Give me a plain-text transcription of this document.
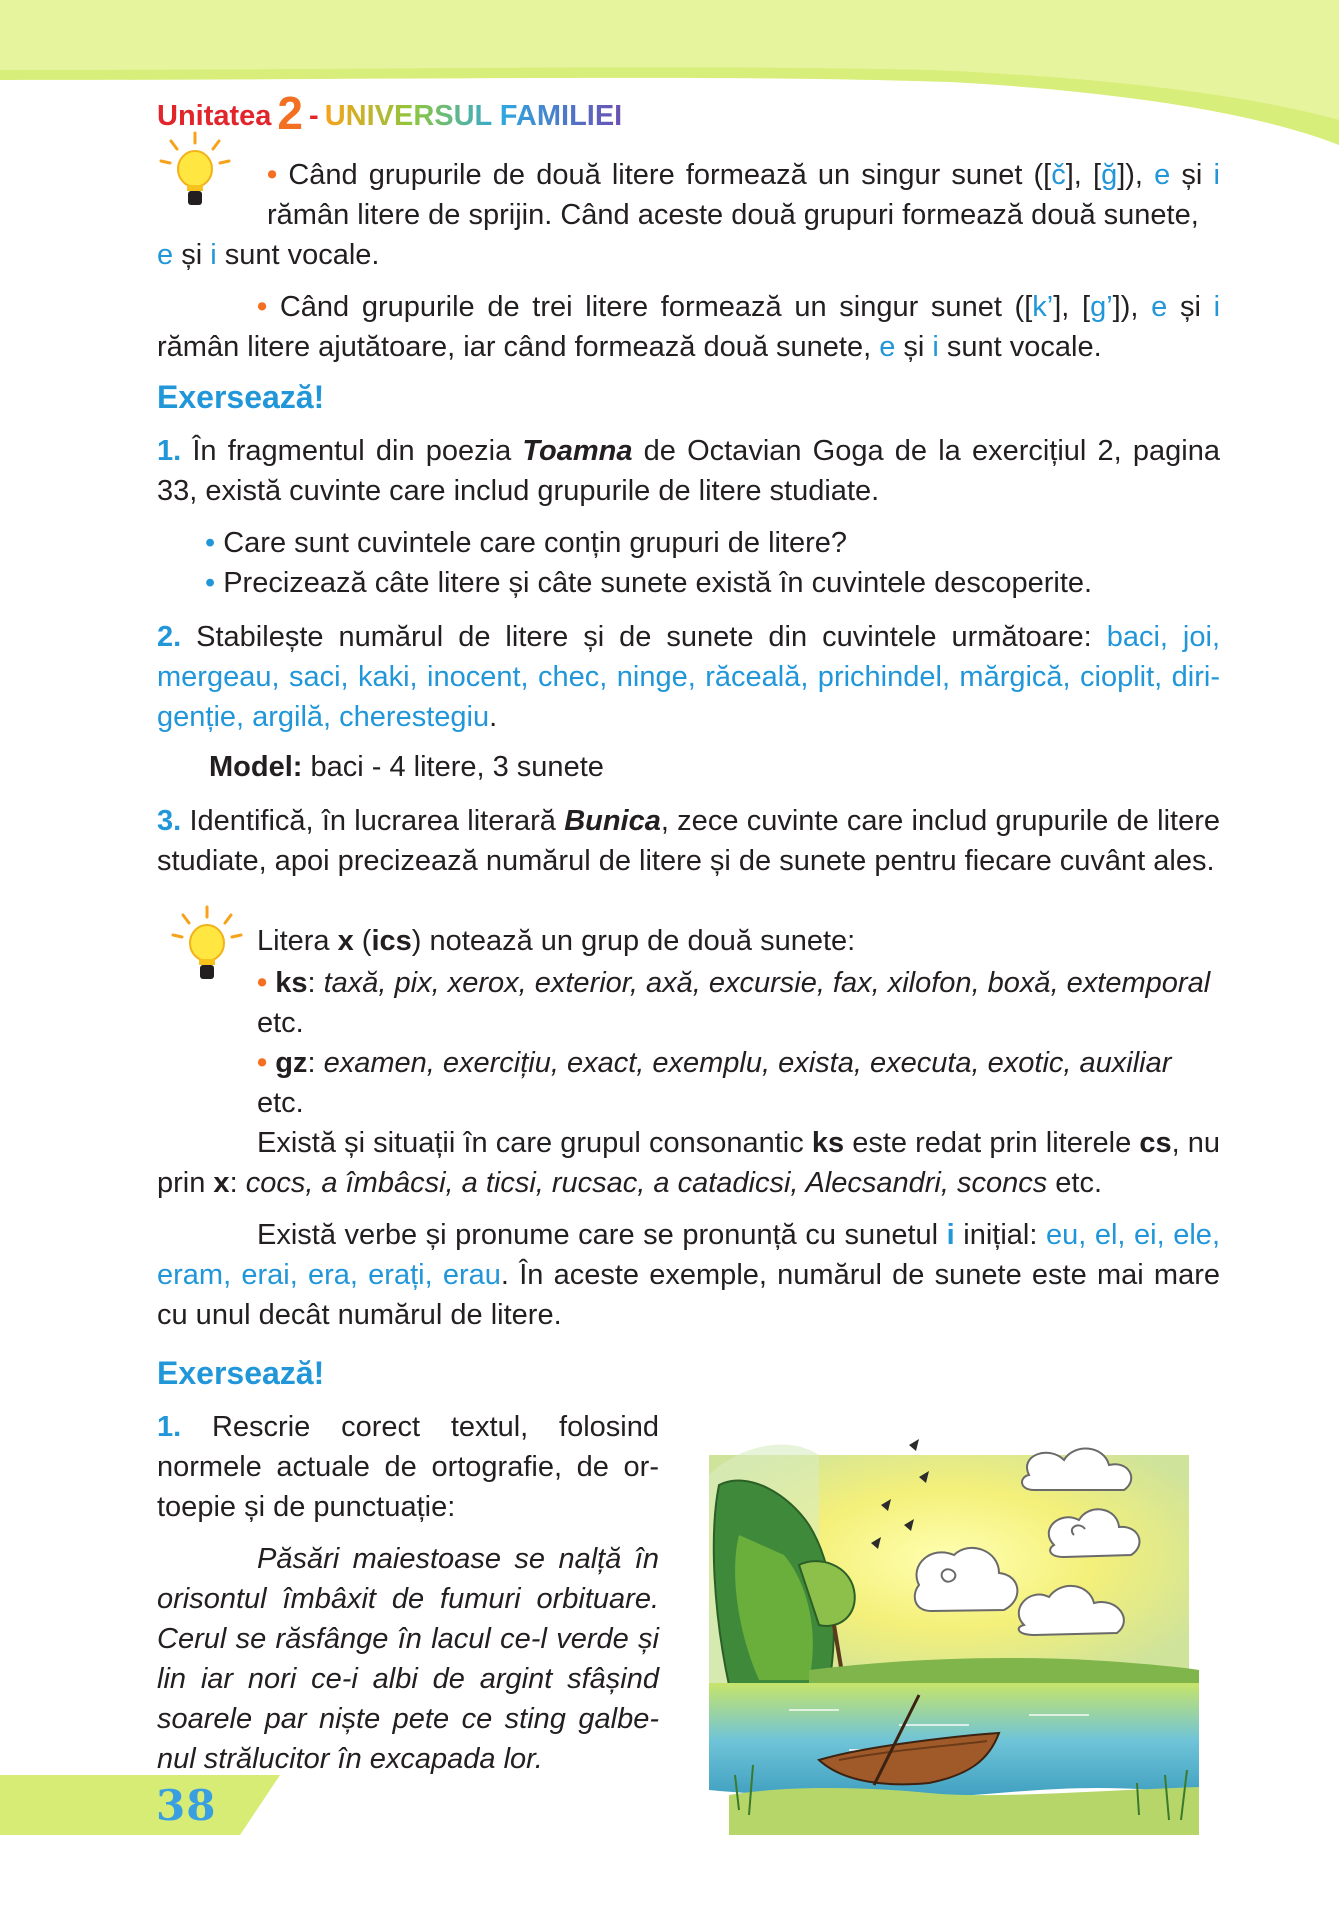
Unitatea 2 - UNIVERSUL FAMILIEI

• Când grupurile de două litere formează un singur sunet ([č], [ğ]), e și i rămân litere de sprijin. Când aceste două grupuri formează două sunete,

e și i sunt vocale.

• Când grupurile de trei litere formează un singur sunet ([k’], [g’]), e și i rămân litere ajutătoare, iar când formează două sunete, e și i sunt vocale.

Exersează!

1. În fragmentul din poezia Toamna de Octavian Goga de la exercițiul 2, pagina 33, există cuvinte care includ grupurile de litere studiate.

• Care sunt cuvintele care conțin grupuri de litere?
• Precizează câte litere și câte sunete există în cuvintele descoperite.

2. Stabilește numărul de litere și de sunete din cuvintele următoare: baci, joi, mergeau, saci, kaki, inocent, chec, ninge, răceală, prichindel, mărgică, cioplit, diri-genție, argilă, cherestegiu.

Model: baci - 4 litere, 3 sunete

3. Identifică, în lucrarea literară Bunica, zece cuvinte care includ grupurile de litere studiate, apoi precizează numărul de litere și de sunete pentru fiecare cuvânt ales.

Litera x (ics) notează un grup de două sunete:

• ks: taxă, pix, xerox, exterior, axă, excursie, fax, xilofon, boxă, extemporal etc.

• gz: examen, exercițiu, exact, exemplu, exista, executa, exotic, auxiliar etc.

Există și situații în care grupul consonantic ks este redat prin literele cs, nu prin x: cocs, a îmbâcsi, a ticsi, rucsac, a catadicsi, Alecsandri, sconcs etc.

Există verbe și pronume care se pronunță cu sunetul i inițial: eu, el, ei, ele, eram, erai, era, erați, erau. În aceste exemple, numărul de sunete este mai mare cu unul decât numărul de litere.

Exersează!

1. Rescrie corect textul, folosind normele actuale de ortografie, de or-toepie și de punctuație:

Păsări maiestoase se nalță în orisontul îmbâxit de fumuri orbituare. Cerul se răsfânge în lacul ce-l verde și lin iar nori ce-i albi de argint sfâșind soarele par niște pete ce sting galbe-nul strălucitor în excapada lor.

38
